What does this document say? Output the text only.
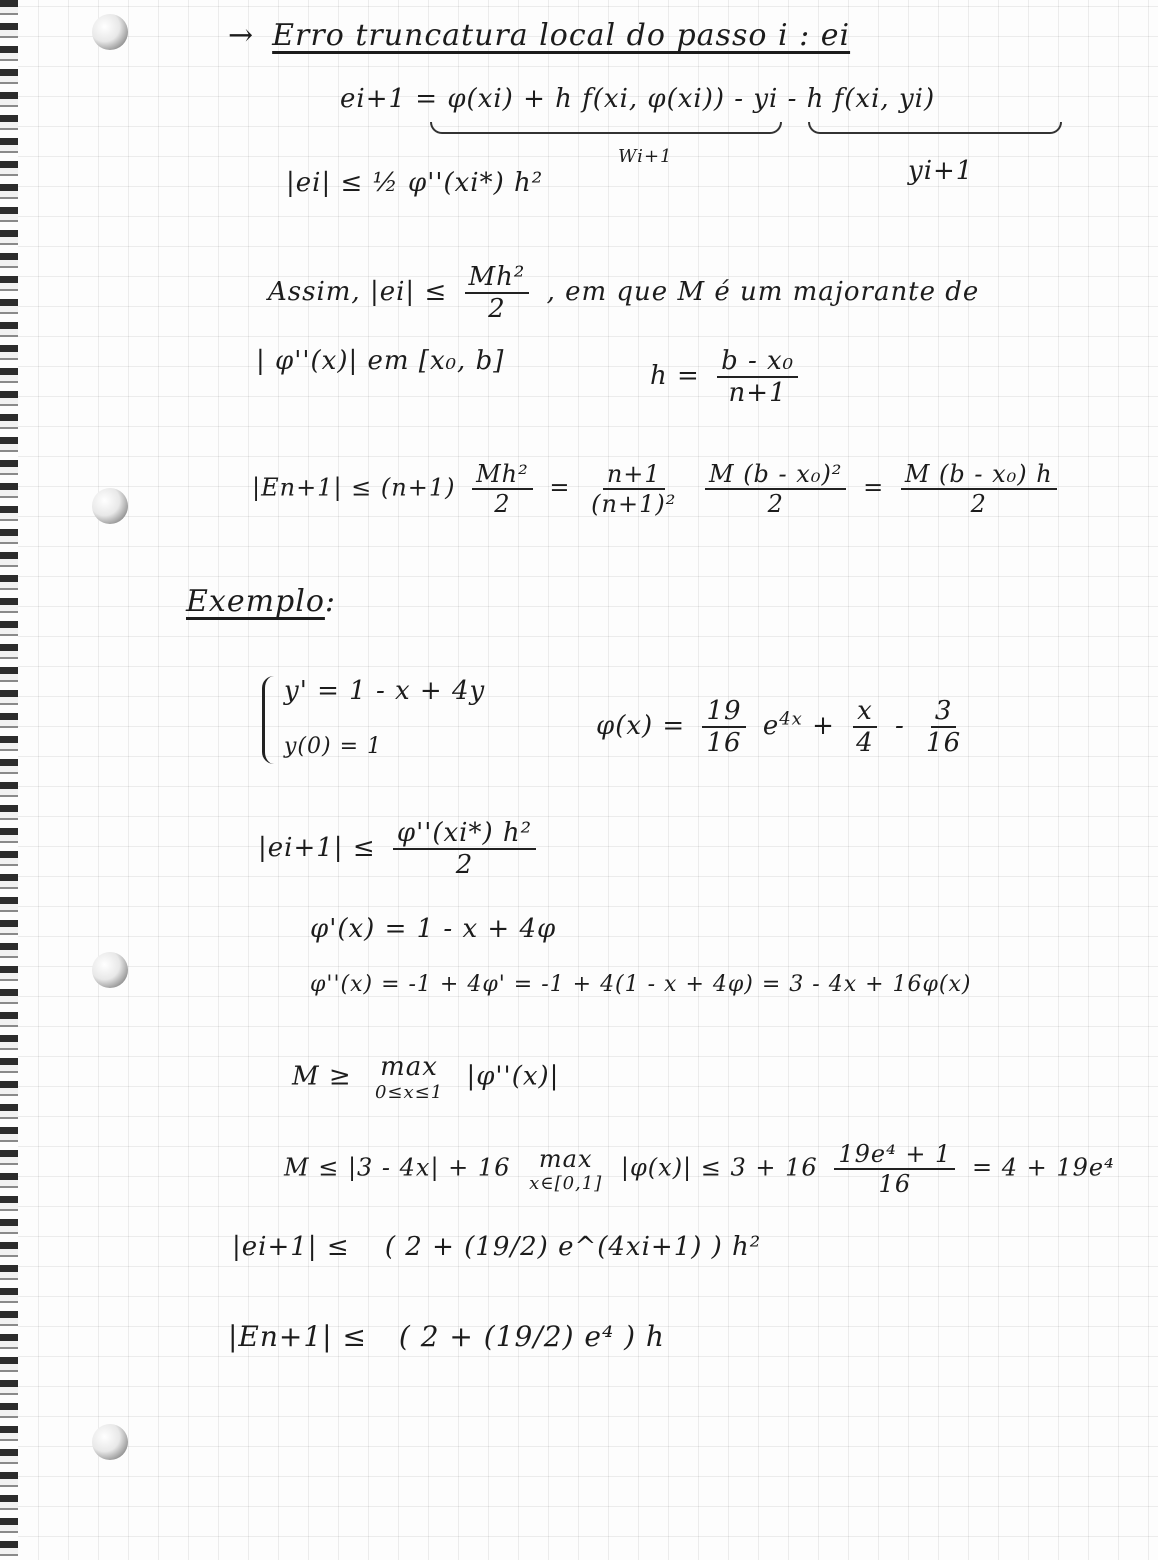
→ Erro truncatura local do passo i : ei
ei+1 = φ(xi) + h f(xi, φ(xi)) - yi - h f(xi, yi)
Wi+1	yi+1
|ei| ≤ ½ φ''(xi*) h²
Assim, $|ei| \le \frac{\text{Mh²}}{2}$ , em que M é um majorante de
| φ''(x)| em [x₀, b]	$h = \frac{\text{b - x₀}}{n+1}$
$|En+1| \le (n+1) \frac{\text{Mh²}}{2} = \frac{n+1}{\text{(n+1)²}}$
$\frac{\text{M (b - x₀)²}}{2} = \frac{\text{M (b - x₀) h}}{2}$
Exemplo:
y' = 1 - x + 4y
y(0) = 1
$\varphi(x) = \frac{19}{16} e^{4x} + \frac{x}{4} - \frac{3}{16}$
$|ei+1| \le \frac{\text{φ''(xi*) h²}}{2}$
φ'(x) = 1 - x + 4φ
φ''(x) = -1 + 4φ' = -1 + 4(1 - x + 4φ) = 3 - 4x + 16φ(x)
M ≥ max
0≤x≤1
|φ''(x)|
M ≤ |3 - 4x| + 16 max
x∈[0,1]
$|\varphi(x)| \le 3 + 16 \frac{\text{19e⁴ + 1}}{16} = 4 + 19e^4$
|ei+1| ≤ ( 2 + (19/2) e^(4xi+1) ) h²
|En+1| ≤ ( 2 + (19/2) e⁴ ) h
